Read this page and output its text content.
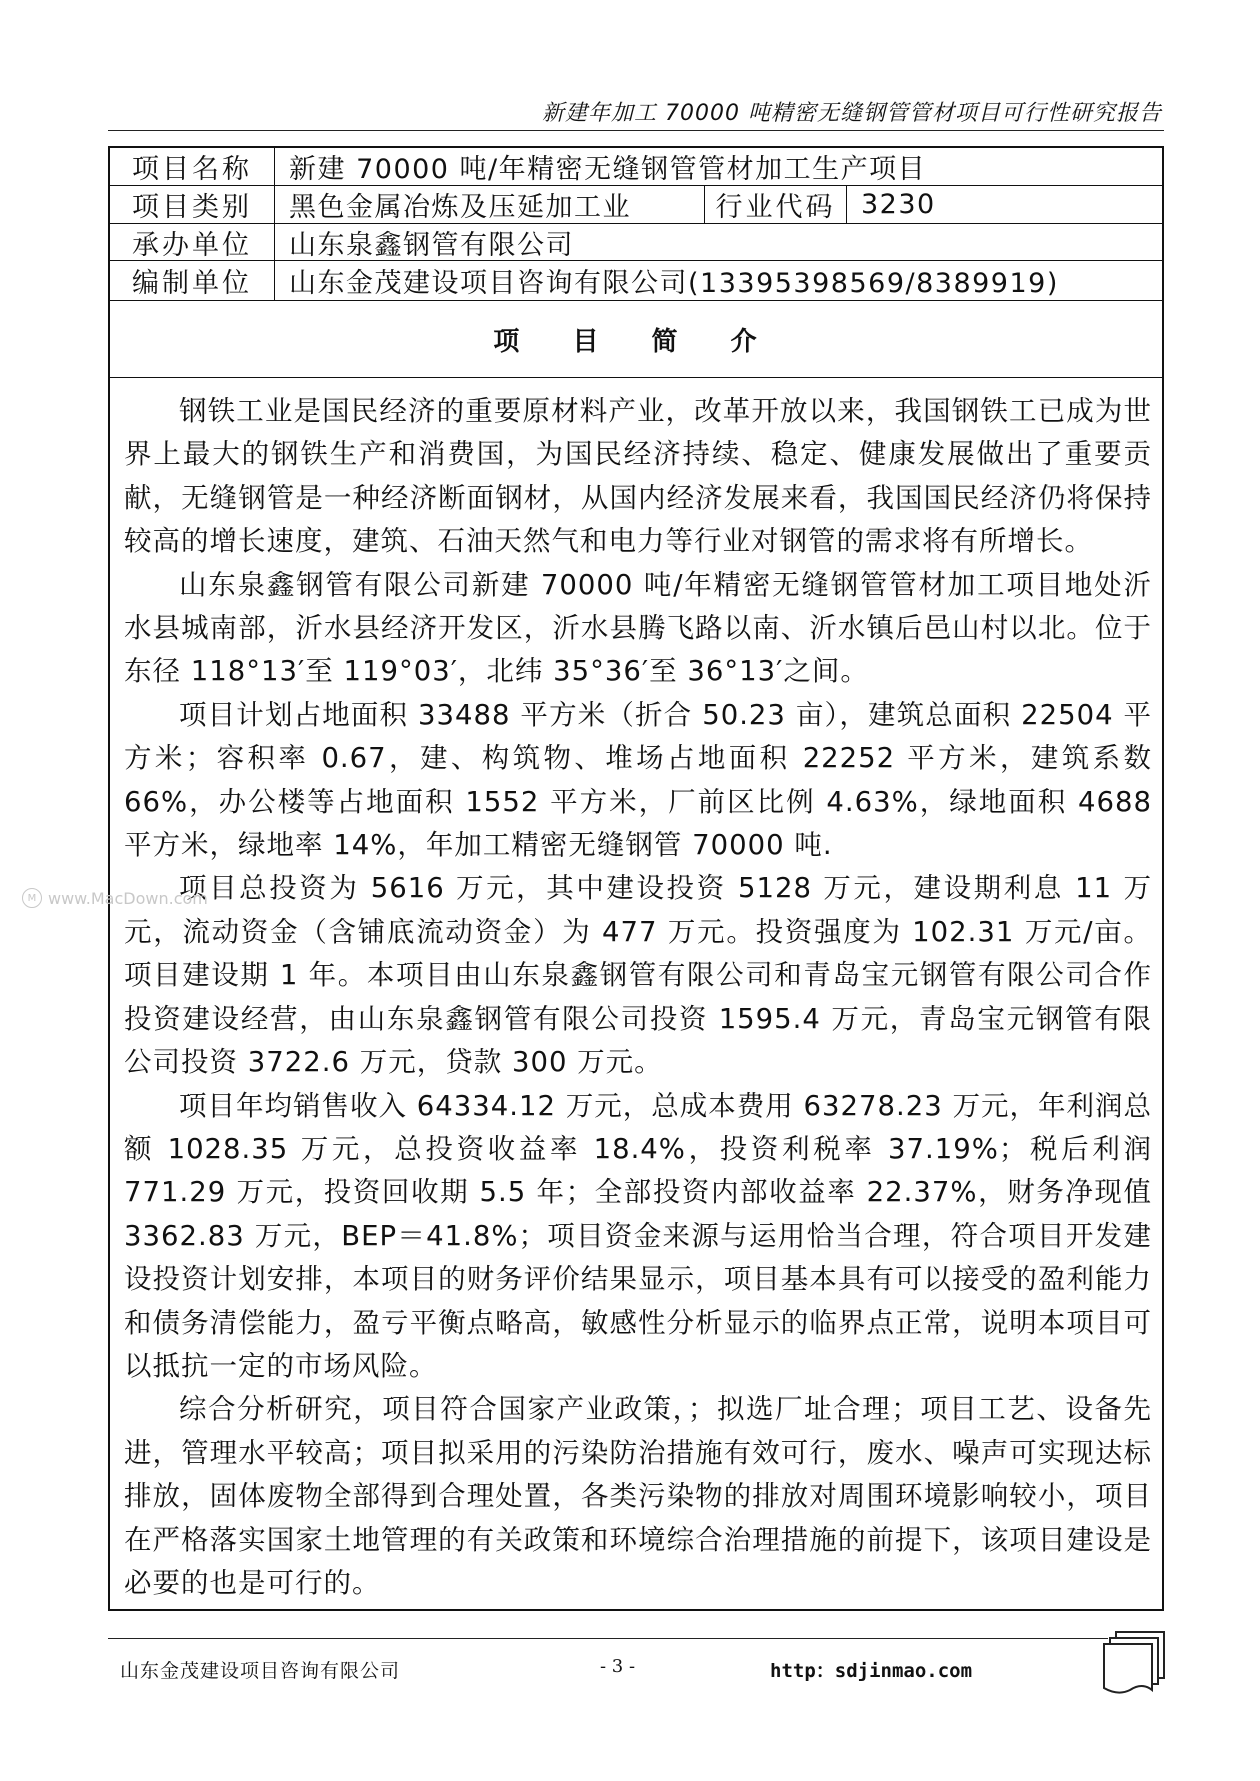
新建年加工 70000 吨精密无缝钢管管材项目可行性研究报告
项目名称	新建 70000 吨/年精密无缝钢管管材加工生产项目
项目类别	黑色金属冶炼及压延加工业	行业代码 3230
承办单位	山东泉鑫钢管有限公司
编制单位	山东金茂建设项目咨询有限公司(13395398569/8389919)
项 目 简 介

钢铁工业是国民经济的重要原材料产业，改革开放以来，我国钢铁工已成为世界上最大的钢铁生产和消费国，为国民经济持续、稳定、健康发展做出了重要贡献，无缝钢管是一种经济断面钢材，从国内经济发展来看，我国国民经济仍将保持较高的增长速度，建筑、石油天然气和电力等行业对钢管的需求将有所增长。

山东泉鑫钢管有限公司新建 70000 吨/年精密无缝钢管管材加工项目地处沂水县城南部，沂水县经济开发区，沂水县腾飞路以南、沂水镇后邑山村以北。位于东径 118°13′至 119°03′，北纬 35°36′至 36°13′之间。

项目计划占地面积 33488 平方米（折合 50.23 亩），建筑总面积 22504 平方米；容积率 0.67，建、构筑物、堆场占地面积 22252 平方米，建筑系数 66%，办公楼等占地面积 1552 平方米，厂前区比例 4.63%，绿地面积 4688 平方米，绿地率 14%，年加工精密无缝钢管 70000 吨.

项目总投资为 5616 万元，其中建设投资 5128 万元，建设期利息 11 万元，流动资金（含铺底流动资金）为 477 万元。投资强度为 102.31 万元/亩。项目建设期 1 年。本项目由山东泉鑫钢管有限公司和青岛宝元钢管有限公司合作投资建设经营，由山东泉鑫钢管有限公司投资 1595.4 万元，青岛宝元钢管有限公司投资 3722.6 万元，贷款 300 万元。

项目年均销售收入 64334.12 万元，总成本费用 63278.23 万元，年利润总额 1028.35 万元，总投资收益率 18.4%，投资利税率 37.19%；税后利润 771.29 万元，投资回收期 5.5 年；全部投资内部收益率 22.37%，财务净现值 3362.83 万元，BEP＝41.8%；项目资金来源与运用恰当合理，符合项目开发建设投资计划安排，本项目的财务评价结果显示，项目基本具有可以接受的盈利能力和债务清偿能力，盈亏平衡点略高，敏感性分析显示的临界点正常，说明本项目可以抵抗一定的市场风险。

综合分析研究，项目符合国家产业政策，；拟选厂址合理；项目工艺、设备先进，管理水平较高；项目拟采用的污染防治措施有效可行，废水、噪声可实现达标排放，固体废物全部得到合理处置，各类污染物的排放对周围环境影响较小，项目在严格落实国家土地管理的有关政策和环境综合治理措施的前提下，该项目建设是必要的也是可行的。

M www.MacDown.com
山东金茂建设项目咨询有限公司	- 3 -	http：sdjinmao.com
